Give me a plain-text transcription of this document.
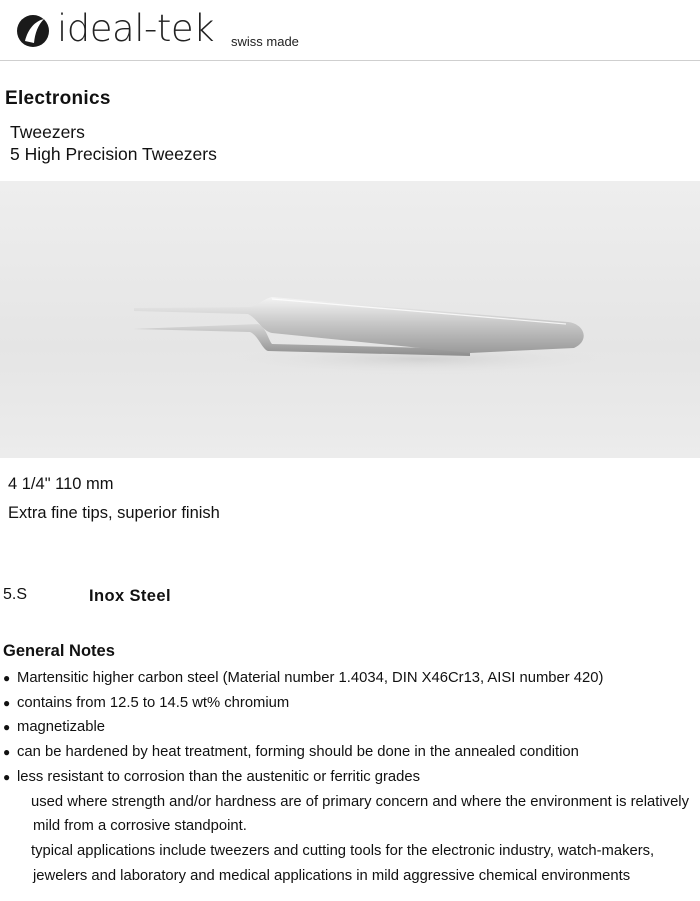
ideal-tek swiss made
Electronics
Tweezers
5 High Precision Tweezers
4 1/4" 110 mm
Extra fine tips, superior finish
5.S	Inox Steel
General Notes
● Martensitic higher carbon steel (Material number 1.4034, DIN X46Cr13, AISI number 420)
● contains from 12.5 to 14.5 wt% chromium
● magnetizable
● can be hardened by heat treatment, forming should be done in the annealed condition
● less resistant to corrosion than the austenitic or ferritic grades
used where strength and/or hardness are of primary concern and where the environment is relatively mild from a corrosive standpoint.
typical applications include tweezers and cutting tools for the electronic industry, watch-makers, jewelers and laboratory and medical applications in mild aggressive chemical environments
